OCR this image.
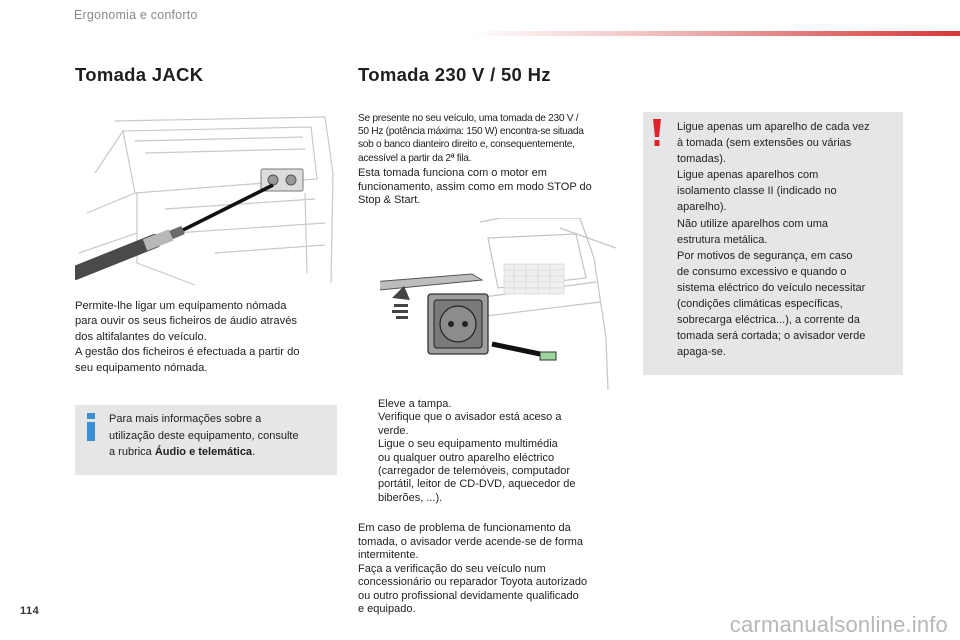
Ergonomia e conforto
Tomada JACK

Permite-lhe ligar um equipamento nómada

para ouvir os seus ficheiros de áudio através

dos altifalantes do veículo.

A gestão dos ficheiros é efectuada a partir do

seu equipamento nómada.

Para mais informações sobre a
utilização deste equipamento, consulte
a rubrica Áudio e telemática.
Tomada 230 V / 50 Hz

Se presente no seu veículo, uma tomada de 230 V /

50 Hz (potência máxima: 150 W) encontra-se situada

sob o banco dianteiro direito e, consequentemente,

acessível a partir da 2ª fila.

Esta tomada funciona com o motor em

funcionamento, assim como em modo STOP do

Stop & Start.

Eleve a tampa.
Verifique que o avisador está aceso a
verde.
Ligue o seu equipamento multimédia
ou qualquer outro aparelho eléctrico
(carregador de telemóveis, computador
portátil, leitor de CD-DVD, aquecedor de
biberões, ...).

Em caso de problema de funcionamento da

tomada, o avisador verde acende-se de forma

intermitente.

Faça a verificação do seu veículo num

concessionário ou reparador Toyota autorizado

ou outro profissional devidamente qualificado

e equipado.

Ligue apenas um aparelho de cada vez

à tomada (sem extensões ou várias

tomadas).

Ligue apenas aparelhos com

isolamento classe II (indicado no

aparelho).

Não utilize aparelhos com uma

estrutura metálica.

Por motivos de segurança, em caso

de consumo excessivo e quando o

sistema eléctrico do veículo necessitar

(condições climáticas específicas,

sobrecarga eléctrica...), a corrente da

tomada será cortada; o avisador verde

apaga-se.

114
carmanualsonline.info
